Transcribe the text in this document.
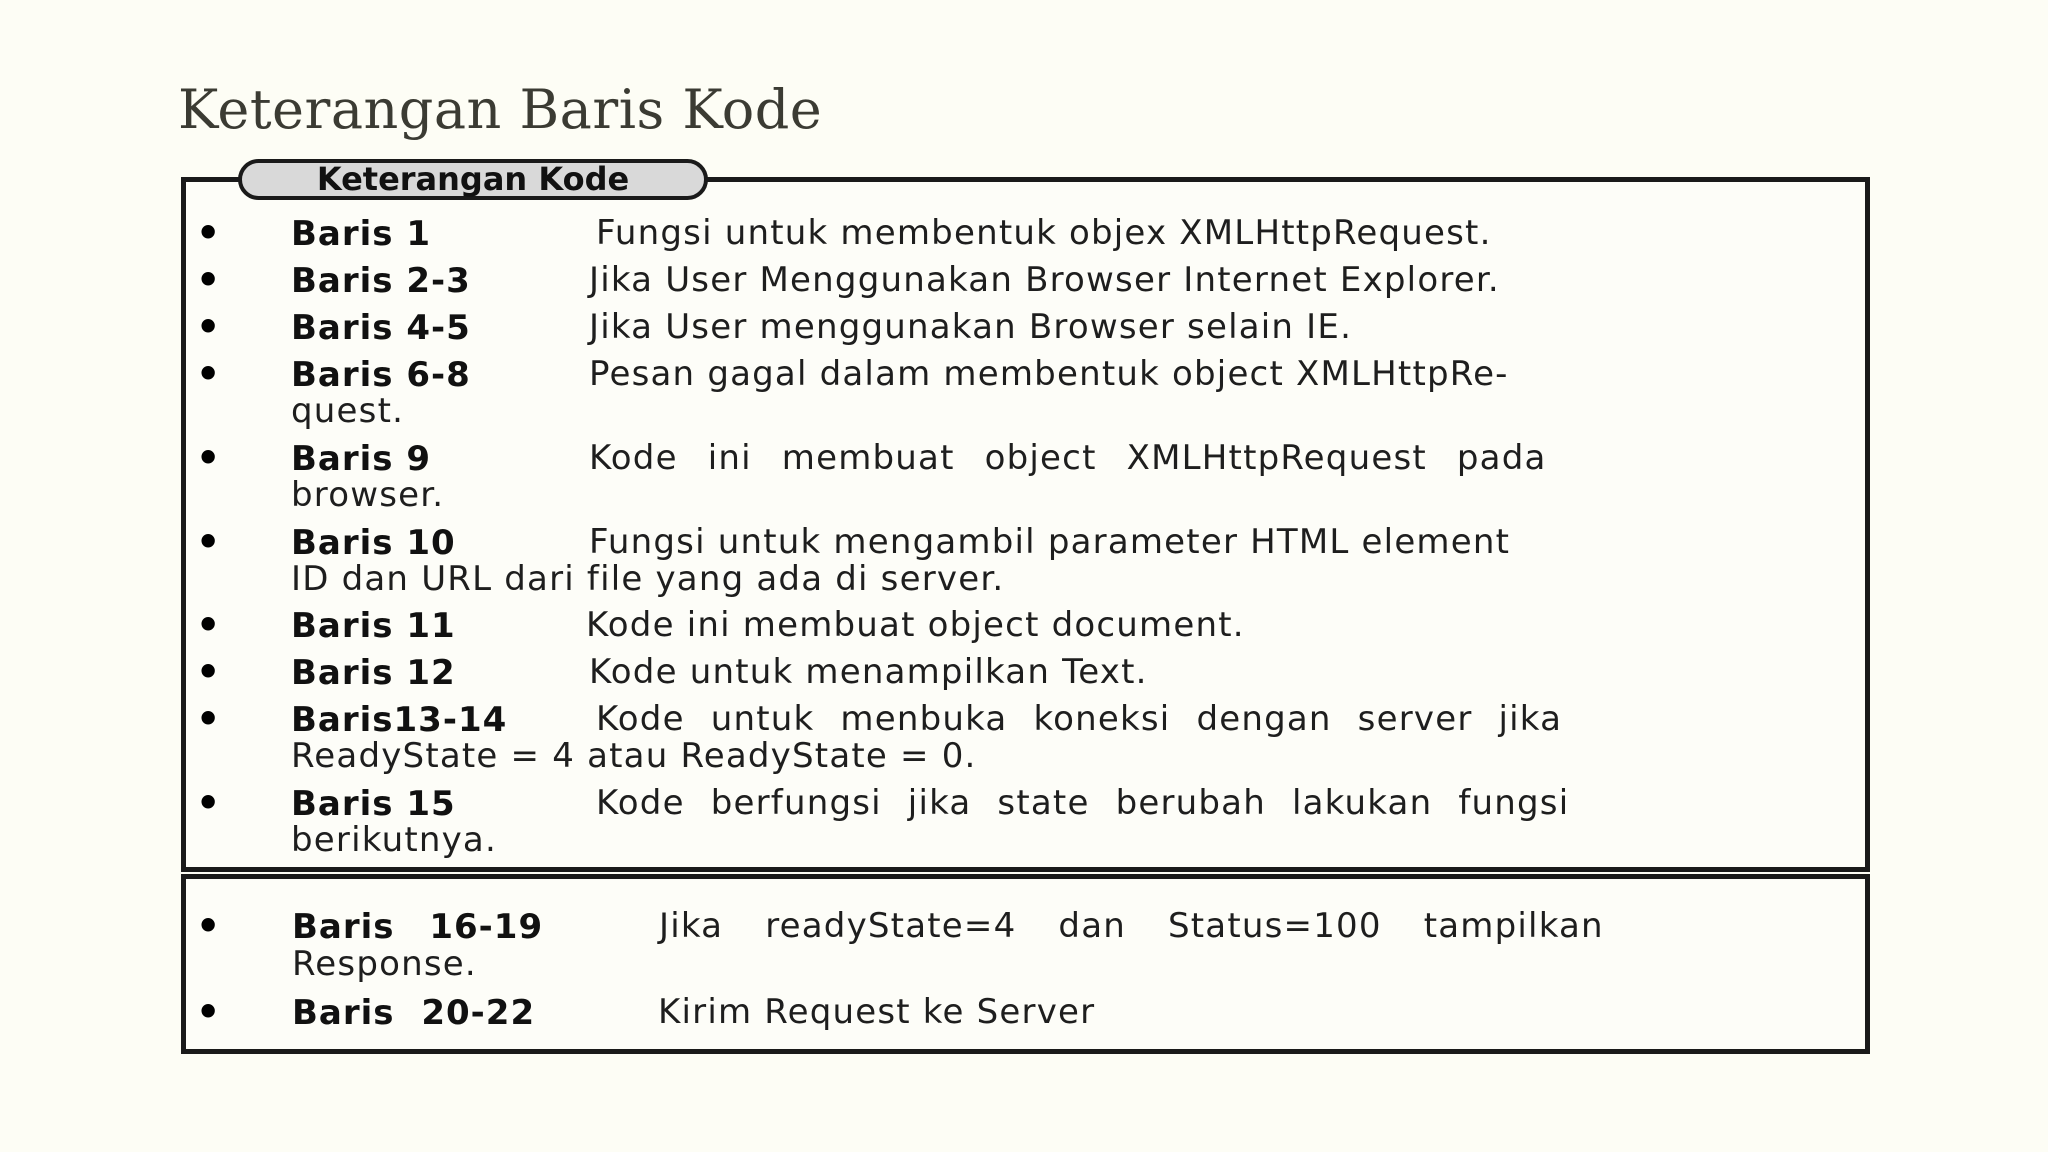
Keterangan Baris Kode
Keterangan Kode
• Baris 1	Fungsi untuk membentuk objex XMLHttpRequest.
• Baris 2-3	Jika User Menggunakan Browser Internet Explorer.
• Baris 4-5	Jika User menggunakan Browser selain IE.
• Baris 6-8	Pesan gagal dalam membentuk object XMLHttpRe-
quest.
• Baris 9	Kode ini membuat object XMLHttpRequest pada
browser.
• Baris 10	Fungsi untuk mengambil parameter HTML element
ID dan URL dari file yang ada di server.
• Baris 11	Kode ini membuat object document.
• Baris 12	Kode untuk menampilkan Text.
• Baris13-14	Kode untuk menbuka koneksi dengan server jika
ReadyState = 4 atau ReadyState = 0.
• Baris 15	Kode berfungsi jika state berubah lakukan fungsi
berikutnya.
• Baris 16-19	Jika readyState=4 dan Status=100 tampilkan
Response.
• Baris 20-22	Kirim Request ke Server
